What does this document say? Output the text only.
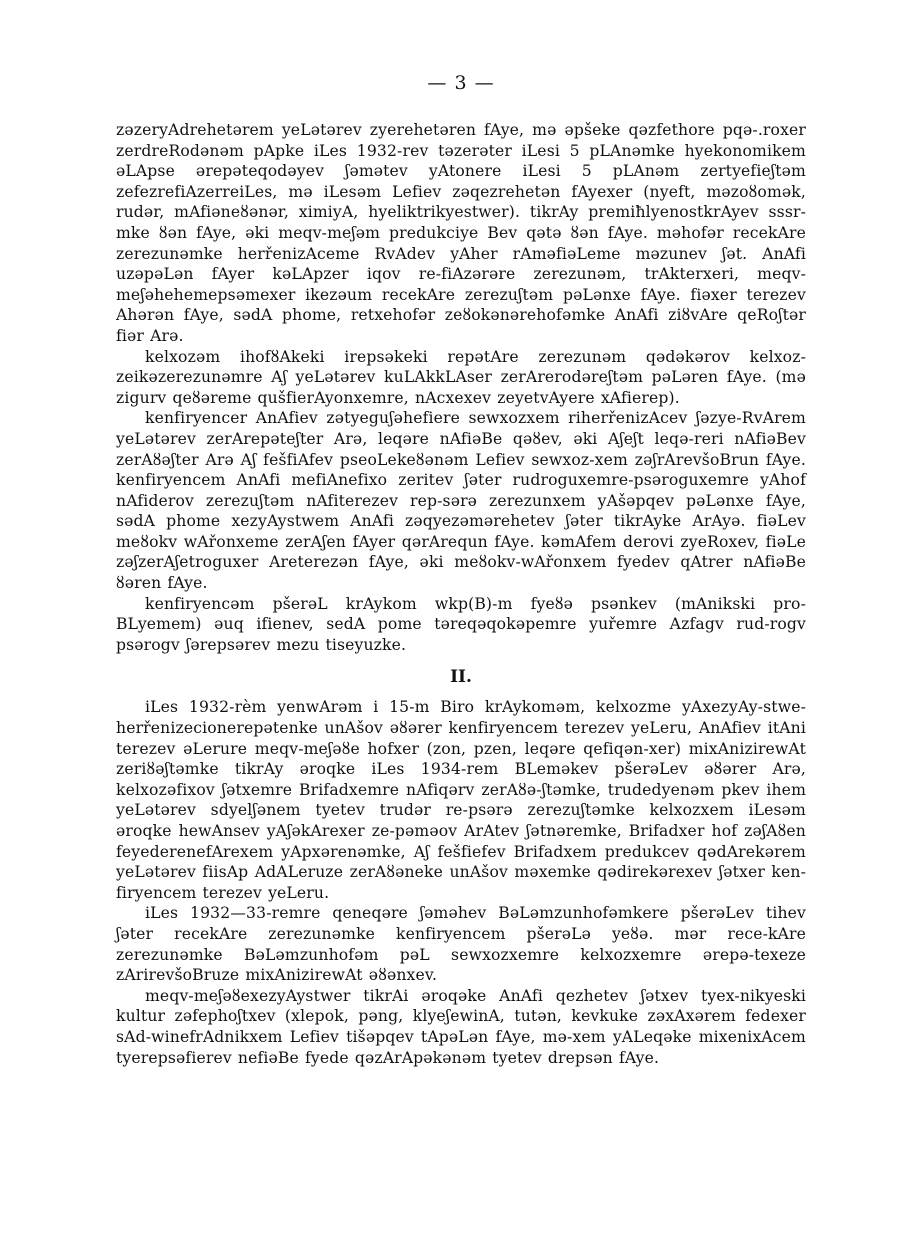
— 3 —

zəzeryAdrehetərem yeLətərev zyerehetəren fAye, mə əpšeke qəzfethore pqə-.roxer zerdreRodənəm pApke iLes 1932-rev təzerəter iLesi 5 pLAnəmke hyekonomikem əLApse ərepəteqodəyev ʃəmətev yAtonere iLesi 5 pLAnəm zertyefieʃtəm zefezrefiAzerreiLes, mə iLesəm Lefiev zəqezrehetən fAyexer (nyeft, məzoȣomək, rudər, mAfiəneȣənər, ximiyA, hyeliktrikyestwer). tikrAy premiħlyenostkrAyev sssr-mke ȣən fAye, əki meqv-meʃəm predukciye Bev qətə ȣən fAye. məhofər recekAre zerezunəmke herřenizAceme RvAdev yAher rAməfiəLeme məzunev ʃət. AnAfi uzəpəLən fAyer kəLApzer iqov re-fiAzərəre zerezunəm, trAkterxeri, meqv-meʃəhehemepsəmexer ikezəum recekAre zerezuʃtəm pəLənxe fAye. fiəxer terezev Ahərən fAye, sədA phome, retxehofər zeȣokənərehofəmke AnAfi ziȣvAre qeRoʃtər fiər Arə.

kelxozəm ihofȣAkeki irepsəkeki repətAre zerezunəm qədəkərov kelxoz-zeikəzerezunəmre Aʃ yeLətərev kuLAkkLAser zerArerodəreʃtəm pəLəren fAye. (mə zigurv qeȣəreme qušfierAyonxemre, nAcxexev zeyetvAyere xAfierep).

kenfiryencer AnAfiev zətyeguʃəhefiere sewxozxem riherřenizAcev ʃəzye-RvArem yeLətərev zerArepəteʃter Arə, leqəre nAfiəBe qəȣev, əki Aʃeʃt leqə-reri nAfiəBev zerAȣəʃter Arə Aʃ fešfiAfev pseoLekeȣənəm Lefiev sewxoz-xem zəʃrArevšoBrun fAye. kenfiryencem AnAfi mefiAnefixo zeritev ʃəter rudroguxemre-psəroguxemre yAhof nAfiderov zerezuʃtəm nAfiterezev rep-sərə zerezunxem yAšəpqev pəLənxe fAye, sədA phome xezyAystwem AnAfi zəqyezəmərehetev ʃəter tikrAyke ArAyə. fiəLev meȣokv wAřonxeme zerAʃen fAyer qərArequn fAye. kəmAfem derovi zyeRoxev, fiəLe zəʃzerAʃetroguxer Areterezən fAye, əki meȣokv-wAřonxem fyedev qAtrer nAfiəBe ȣəren fAye.

kenfiryencəm pšerəL krAykom wkp(B)-m fyeȣə psənkev (mAnikski pro-BLyemem) əuq ifienev, sedA pome təreqəqokəpemre yuřemre Azfagv rud-rogv psərogv ʃərepsərev mezu tiseyuzke.

II.

iLes 1932-rèm yenwArəm i 15-m Biro krAykoməm, kelxozme yAxezyAy-stwe-herřenizecionerepətenke unAšov əȣərer kenfiryencem terezev yeLeru, AnAfiev itAni terezev əLerure meqv-meʃəȣe hofxer (zon, pzen, leqəre qefiqən-xer) mixAnizirewAt zeriȣəʃtəmke tikrAy əroqke iLes 1934-rem BLeməkev pšerəLev əȣərer Arə, kelxozəfixov ʃətxemre Brifadxemre nAfiqərv zerAȣə-ʃtəmke, trudedyenəm pkev ihem yeLətərev sdyelʃənem tyetev trudər re-psərə zerezuʃtəmke kelxozxem iLesəm əroqke hewAnsev yAʃəkArexer ze-pəməov ArAtev ʃətnəremke, Brifadxer hof zəʃAȣen feyederenefArexem yApxərenəmke, Aʃ fešfiefev Brifadxem predukcev qədArekərem yeLətərev fiisAp AdALeruze zerAȣəneke unAšov məxemke qədirekərexev ʃətxer ken-firyencem terezev yeLeru.

iLes 1932—33-remre qeneqəre ʃəməhev BəLəmzunhofəmkere pšerəLev tihev ʃəter recekAre zerezunəmke kenfiryencem pšerəLə yeȣə. mər rece-kAre zerezunəmke BəLəmzunhofəm pəL sewxozxemre kelxozxemre ərepə-texeze zArirevšoBruze mixAnizirewAt əȣənxev.

meqv-meʃəȣexezyAystwer tikrAi əroqəke AnAfi qezhetev ʃətxev tyex-nikyeski kultur zəfephoʃtxev (xlepok, pəng, klyeʃewinA, tutən, kevkuke zəxAxərem fedexer sAd-winefrAdnikxem Lefiev tišəpqev tApəLən fAye, mə-xem yALeqəke mixenixAcem tyerepsəfierev nefiəBe fyede qəzArApəkənəm tyetev drepsən fAye.
